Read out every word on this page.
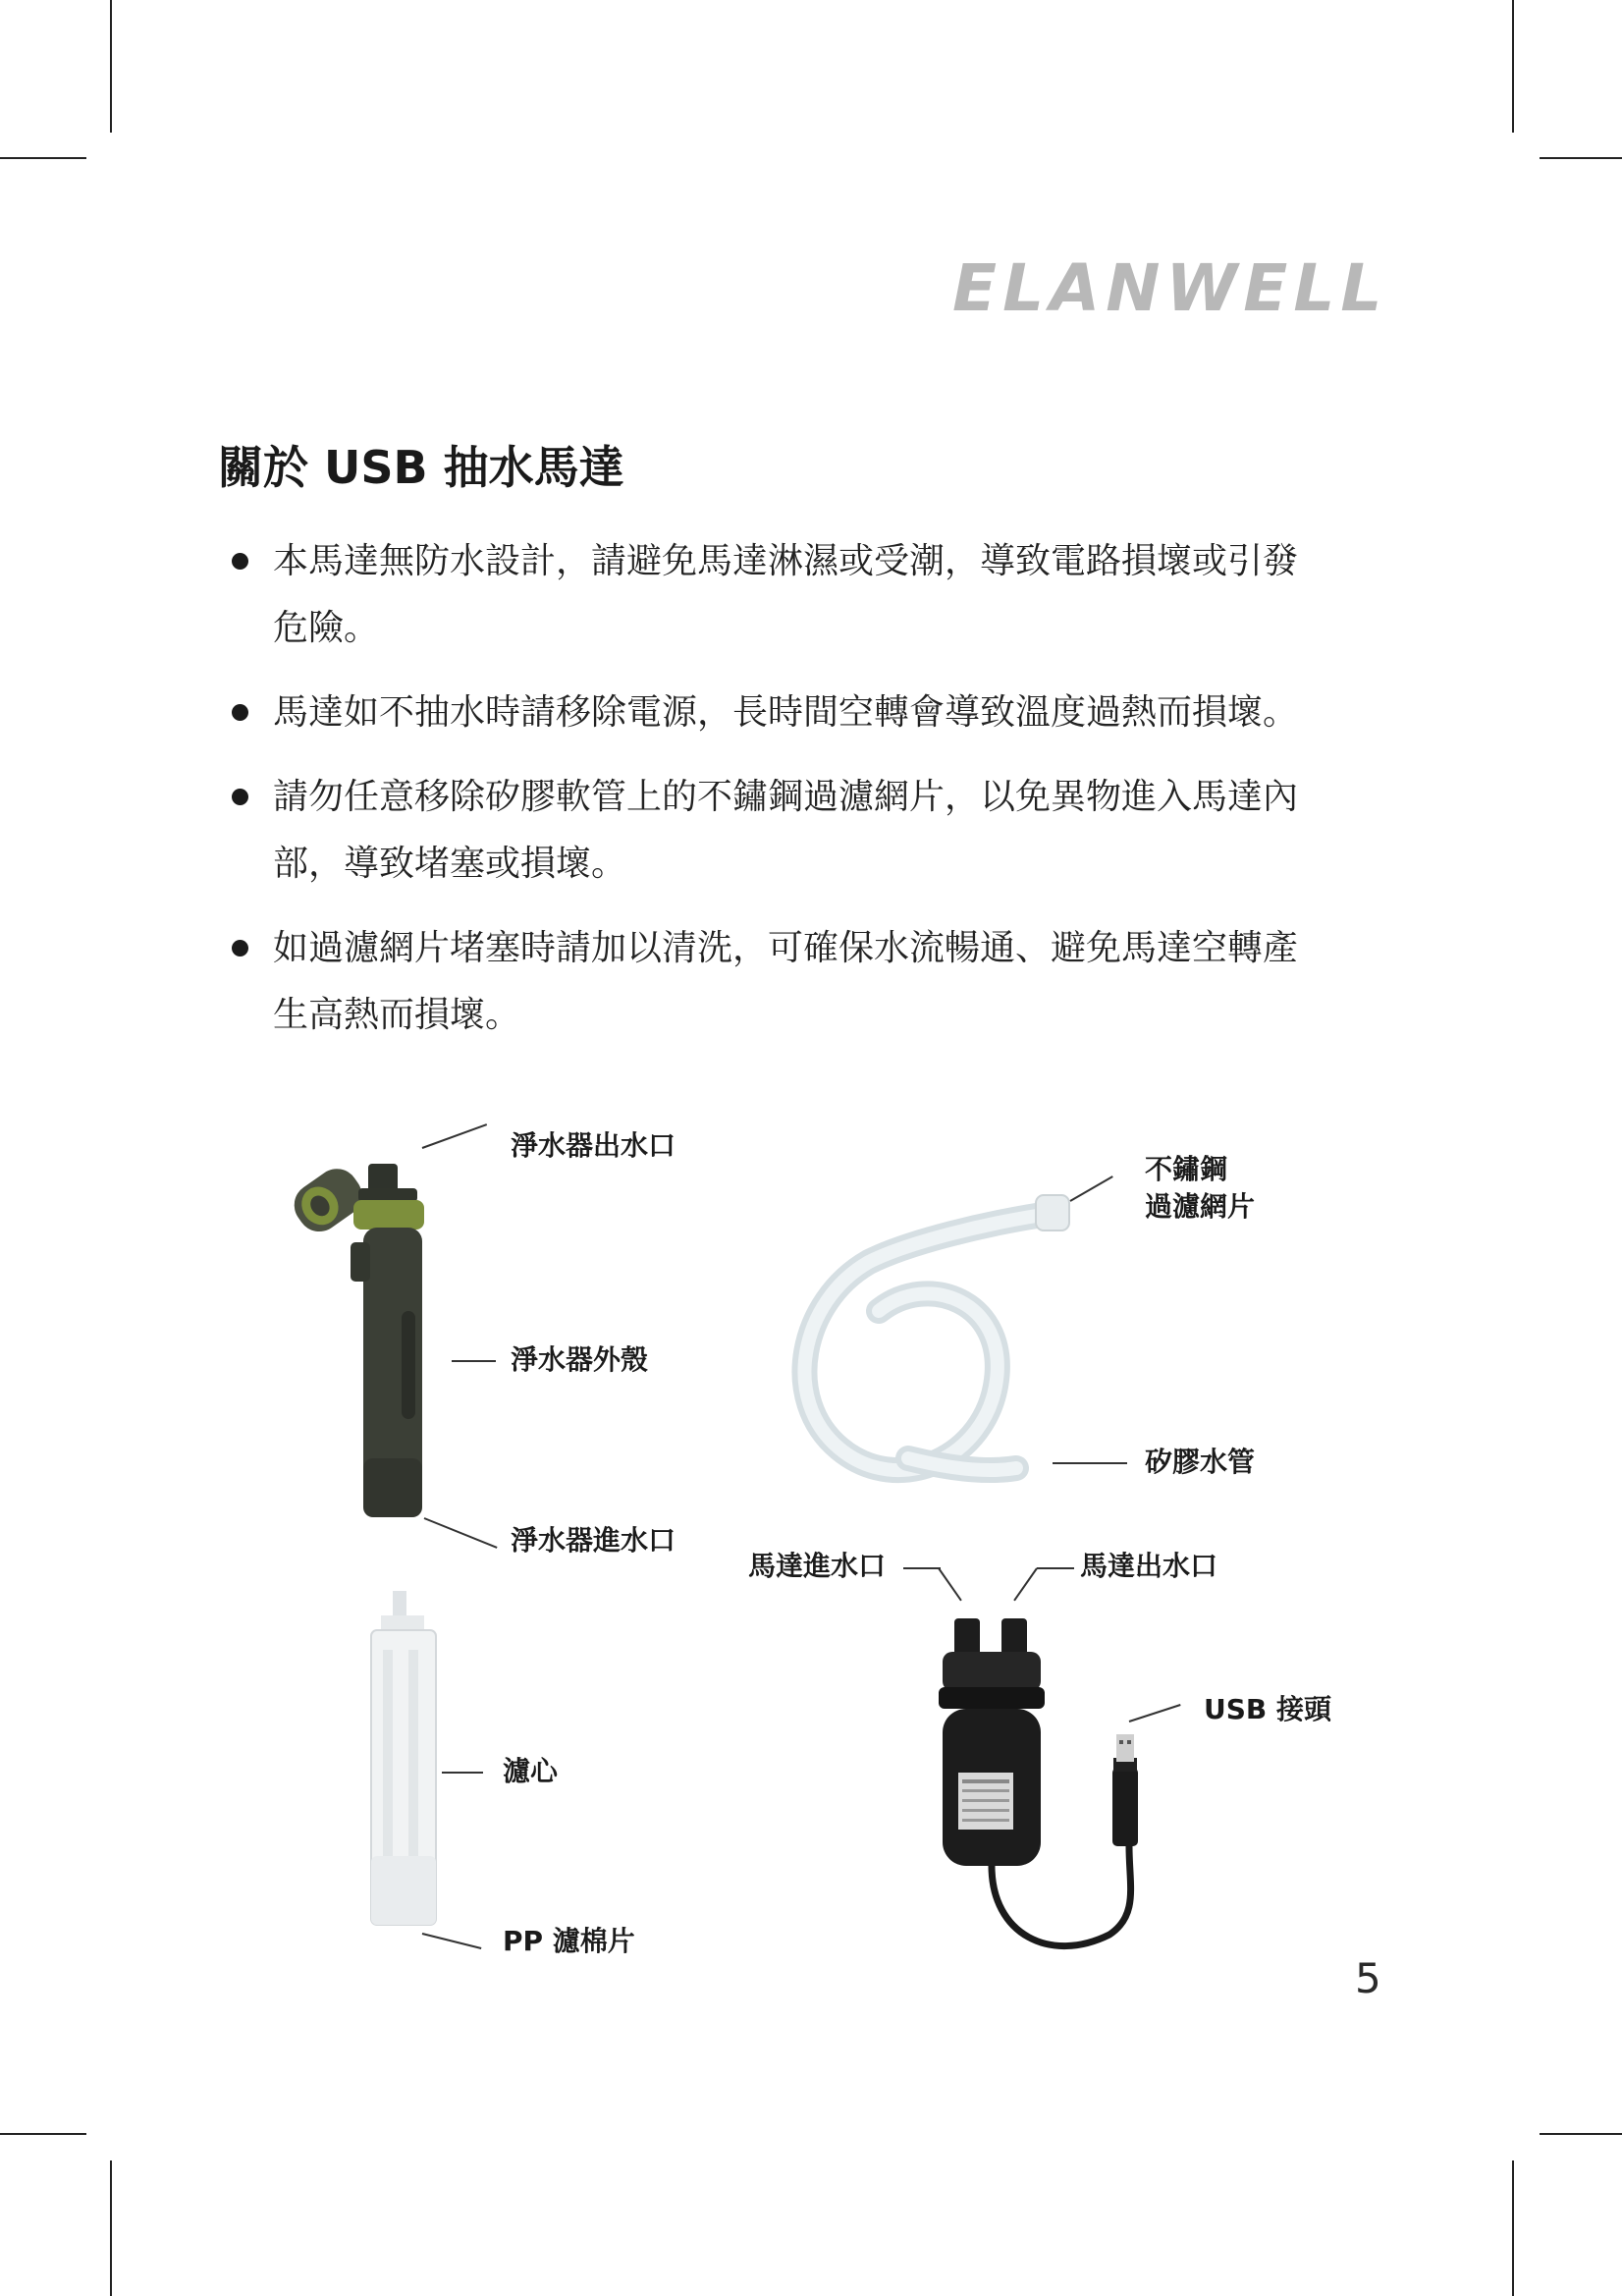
ELANWELL
關於 USB 抽水馬達
本馬達無防水設計，請避免馬達淋濕或受潮，導致電路損壞或引發
危險。
馬達如不抽水時請移除電源，長時間空轉會導致溫度過熱而損壞。
請勿任意移除矽膠軟管上的不鏽鋼過濾網片，以免異物進入馬達內
部，導致堵塞或損壞。
如過濾網片堵塞時請加以清洗，可確保水流暢通、避免馬達空轉產
生高熱而損壞。
淨水器出水口
淨水器外殼
淨水器進水口
濾心
PP 濾棉片
不鏽鋼
過濾網片
矽膠水管
馬達進水口	馬達出水口
USB 接頭
5
